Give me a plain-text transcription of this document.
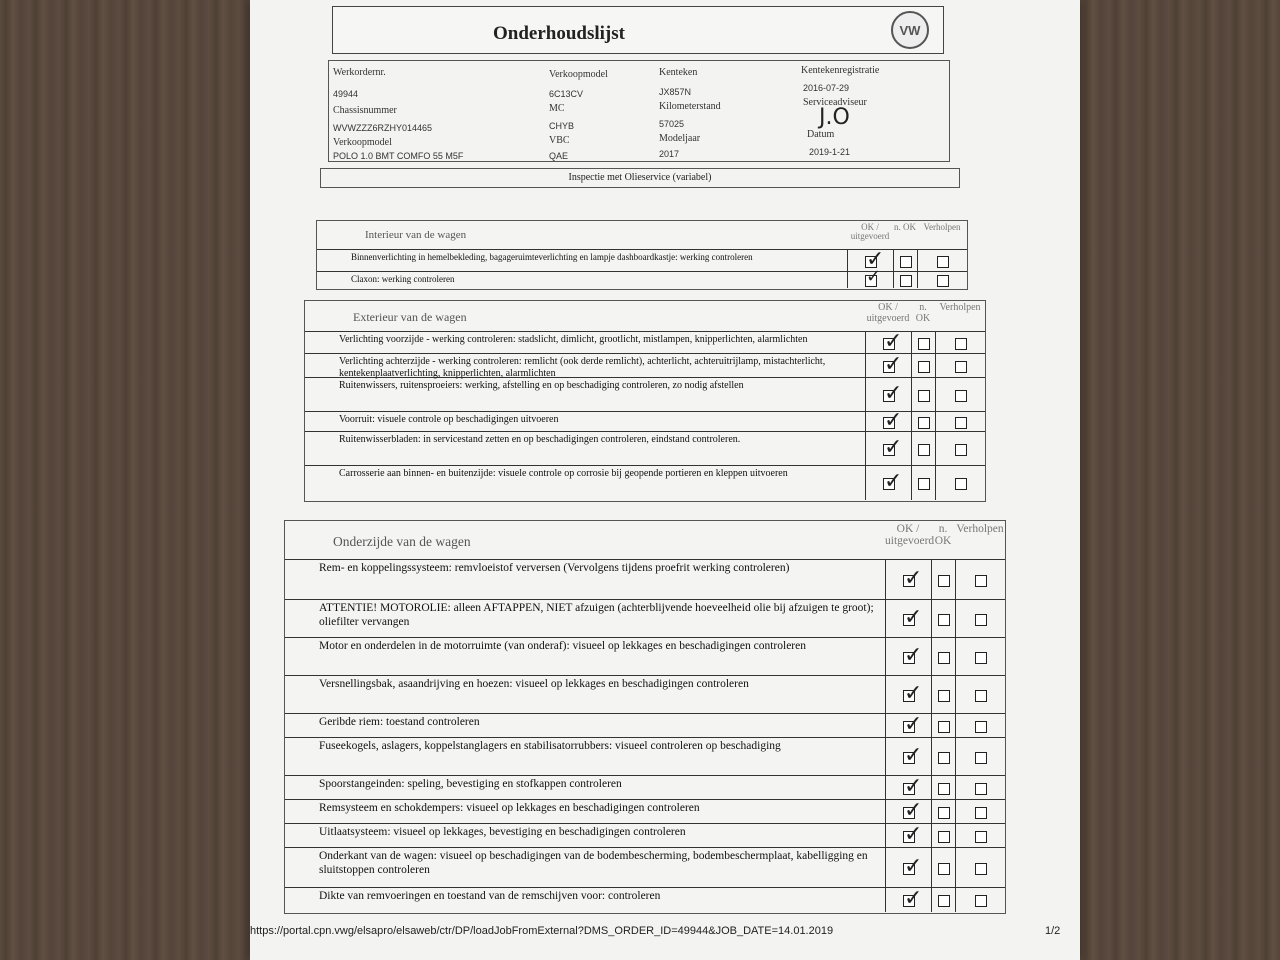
Onderhoudslijst	VW
Werkordernr.
49944
Chassisnummer
WVWZZZ6RZHY014465
Verkoopmodel
POLO 1.0 BMT COMFO 55 M5F
Verkoopmodel
6C13CV
MC
CHYB
VBC
QAE
Kenteken
JX857N
Kilometerstand
57025
Modeljaar
2017
Kentekenregistratie
2016-07-29
Serviceadviseur
J.O
Datum
2019-1-21
Inspectie met Olieservice (variabel)
Interieur van de wagen
OK / uitgevoerd
n. OK Verholpen
Binnenverlichting in hemelbekleding, bagageruimteverlichting en lampje dashboardkastje: werking controleren	✓
Claxon: werking controleren	✓
Exterieur van de wagen
OK / uitgevoerd
n. OK
Verholpen
Verlichting voorzijde - werking controleren: stadslicht, dimlicht, grootlicht, mistlampen, knipperlichten, alarmlichten	✓
Verlichting achterzijde - werking controleren: remlicht (ook derde remlicht), achterlicht, achteruitrijlamp, mistachterlicht, kentekenplaatverlichting, knipperlichten, alarmlichten	✓
Ruitenwissers, ruitensproeiers: werking, afstelling en op beschadiging controleren, zo nodig afstellen	✓
Voorruit: visuele controle op beschadigingen uitvoeren	✓
Ruitenwisserbladen: in servicestand zetten en op beschadigingen controleren, eindstand controleren.	✓
Carrosserie aan binnen- en buitenzijde: visuele controle op corrosie bij geopende portieren en kleppen uitvoeren	✓
Onderzijde van de wagen
OK / uitgevoerd
n. OK
Verholpen
Rem- en koppelingssysteem: remvloeistof verversen (Vervolgens tijdens proefrit werking controleren)	✓
ATTENTIE! MOTOROLIE: alleen AFTAPPEN, NIET afzuigen (achterblijvende hoeveelheid olie bij afzuigen te groot); oliefilter vervangen	✓
Motor en onderdelen in de motorruimte (van onderaf): visueel op lekkages en beschadigingen controleren	✓
Versnellingsbak, asaandrijving en hoezen: visueel op lekkages en beschadigingen controleren	✓
Geribde riem: toestand controleren	✓
Fuseekogels, aslagers, koppelstanglagers en stabilisatorrubbers: visueel controleren op beschadiging	✓
Spoorstangeinden: speling, bevestiging en stofkappen controleren	✓
Remsysteem en schokdempers: visueel op lekkages en beschadigingen controleren	✓
Uitlaatsysteem: visueel op lekkages, bevestiging en beschadigingen controleren	✓
Onderkant van de wagen: visueel op beschadigingen van de bodembescherming, bodembeschermplaat, kabelligging en sluitstoppen controleren	✓
Dikte van remvoeringen en toestand van de remschijven voor: controleren	✓
https://portal.cpn.vwg/elsapro/elsaweb/ctr/DP/loadJobFromExternal?DMS_ORDER_ID=49944&JOB_DATE=14.01.2019	1/2
